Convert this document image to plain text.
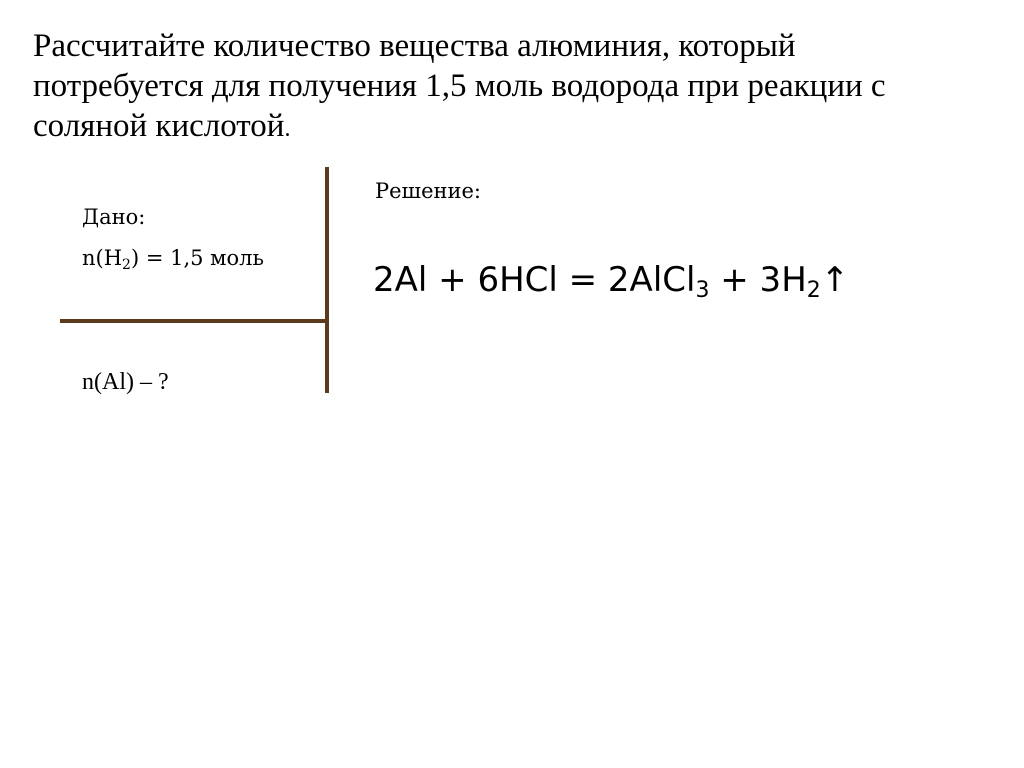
Рассчитайте количество вещества алюминия, который
потребуется для получения 1,5 моль водорода при реакции с
соляной кислотой.
Дано:
n(H2) = 1,5 моль
n(Al) – ?
Решение:
2Al + 6HCl = 2AlCl$_3$ + $3H_2↑$
